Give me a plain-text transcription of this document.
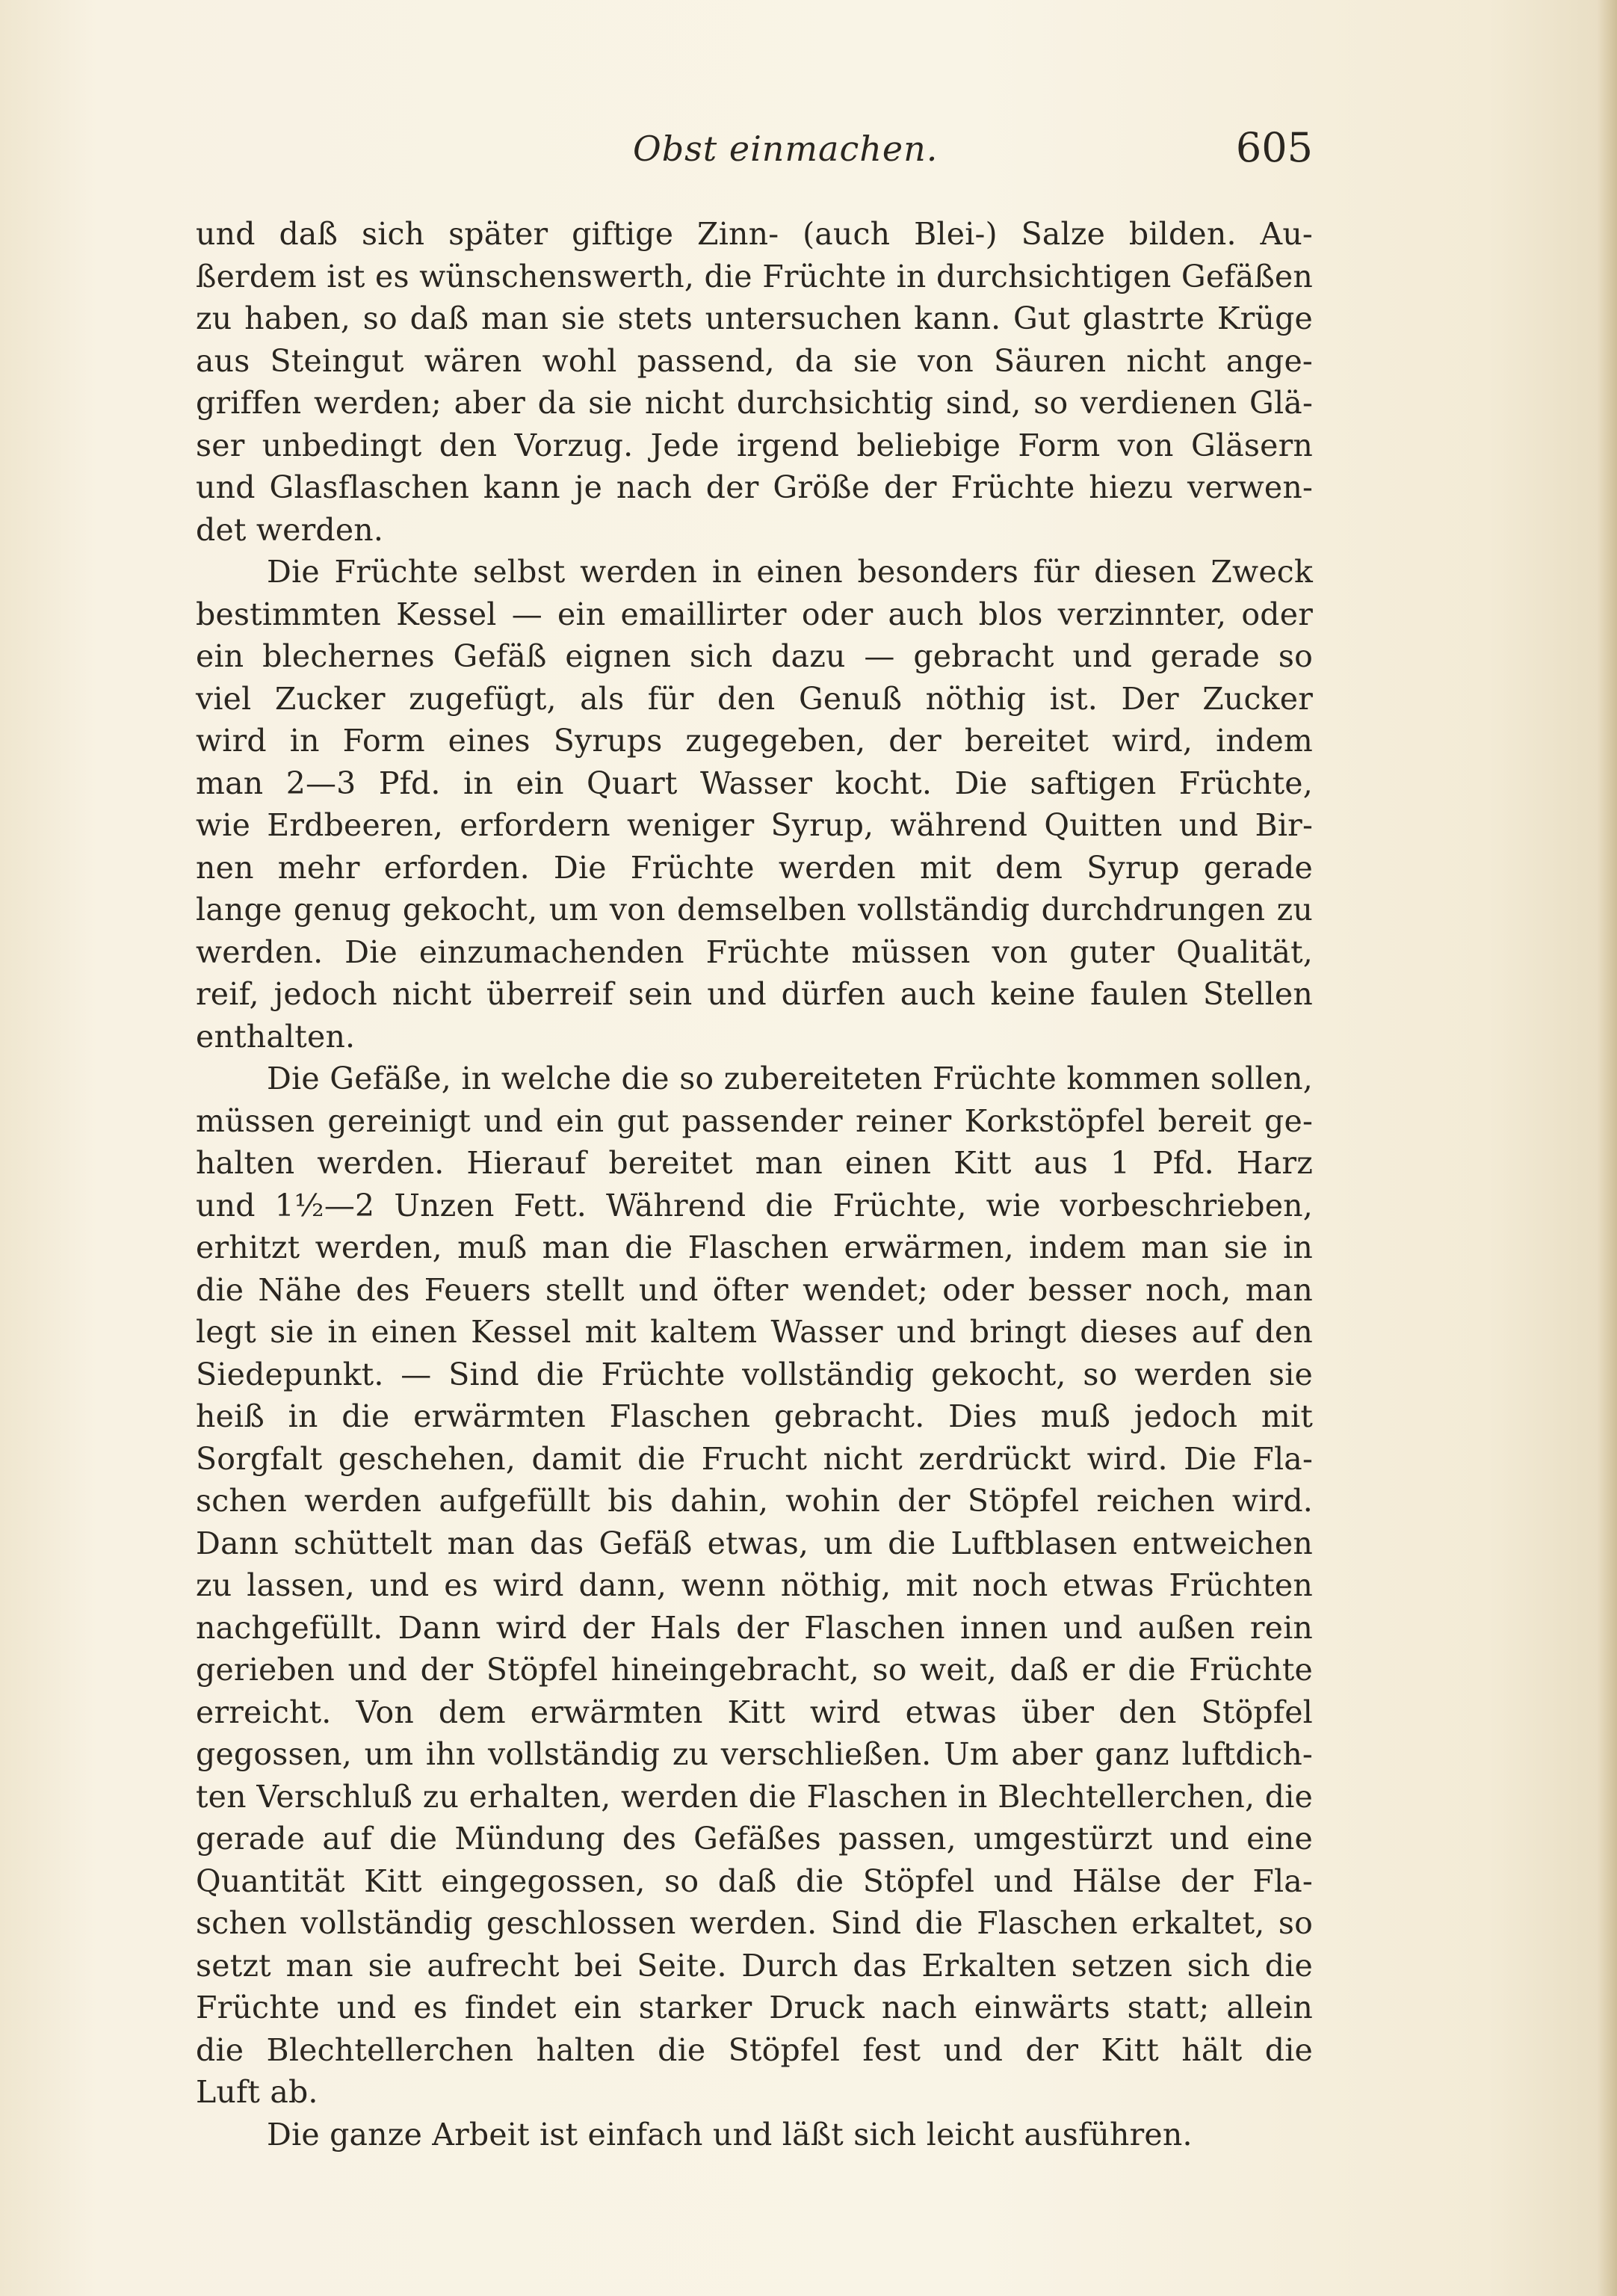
Obst einmachen.	605
und daß sich später giftige Zinn- (auch Blei-) Salze bilden. Au-
ßerdem ist es wünschenswerth, die Früchte in durchsichtigen Gefäßen
zu haben, so daß man sie stets untersuchen kann. Gut glastrte Krüge
aus Steingut wären wohl passend, da sie von Säuren nicht ange-
griffen werden; aber da sie nicht durchsichtig sind, so verdienen Glä-
ser unbedingt den Vorzug. Jede irgend beliebige Form von Gläsern
und Glasflaschen kann je nach der Größe der Früchte hiezu verwen-
det werden.
Die Früchte selbst werden in einen besonders für diesen Zweck
bestimmten Kessel — ein emaillirter oder auch blos verzinnter, oder
ein blechernes Gefäß eignen sich dazu — gebracht und gerade so
viel Zucker zugefügt, als für den Genuß nöthig ist. Der Zucker
wird in Form eines Syrups zugegeben, der bereitet wird, indem
man 2—3 Pfd. in ein Quart Wasser kocht. Die saftigen Früchte,
wie Erdbeeren, erfordern weniger Syrup, während Quitten und Bir-
nen mehr erforden. Die Früchte werden mit dem Syrup gerade
lange genug gekocht, um von demselben vollständig durchdrungen zu
werden. Die einzumachenden Früchte müssen von guter Qualität,
reif, jedoch nicht überreif sein und dürfen auch keine faulen Stellen
enthalten.
Die Gefäße, in welche die so zubereiteten Früchte kommen sollen,
müssen gereinigt und ein gut passender reiner Korkstöpfel bereit ge-
halten werden. Hierauf bereitet man einen Kitt aus 1 Pfd. Harz
und 1½—2 Unzen Fett. Während die Früchte, wie vorbeschrieben,
erhitzt werden, muß man die Flaschen erwärmen, indem man sie in
die Nähe des Feuers stellt und öfter wendet; oder besser noch, man
legt sie in einen Kessel mit kaltem Wasser und bringt dieses auf den
Siedepunkt. — Sind die Früchte vollständig gekocht, so werden sie
heiß in die erwärmten Flaschen gebracht. Dies muß jedoch mit
Sorgfalt geschehen, damit die Frucht nicht zerdrückt wird. Die Fla-
schen werden aufgefüllt bis dahin, wohin der Stöpfel reichen wird.
Dann schüttelt man das Gefäß etwas, um die Luftblasen entweichen
zu lassen, und es wird dann, wenn nöthig, mit noch etwas Früchten
nachgefüllt. Dann wird der Hals der Flaschen innen und außen rein
gerieben und der Stöpfel hineingebracht, so weit, daß er die Früchte
erreicht. Von dem erwärmten Kitt wird etwas über den Stöpfel
gegossen, um ihn vollständig zu verschließen. Um aber ganz luftdich-
ten Verschluß zu erhalten, werden die Flaschen in Blechtellerchen, die
gerade auf die Mündung des Gefäßes passen, umgestürzt und eine
Quantität Kitt eingegossen, so daß die Stöpfel und Hälse der Fla-
schen vollständig geschlossen werden. Sind die Flaschen erkaltet, so
setzt man sie aufrecht bei Seite. Durch das Erkalten setzen sich die
Früchte und es findet ein starker Druck nach einwärts statt; allein
die Blechtellerchen halten die Stöpfel fest und der Kitt hält die
Luft ab.
Die ganze Arbeit ist einfach und läßt sich leicht ausführen.
